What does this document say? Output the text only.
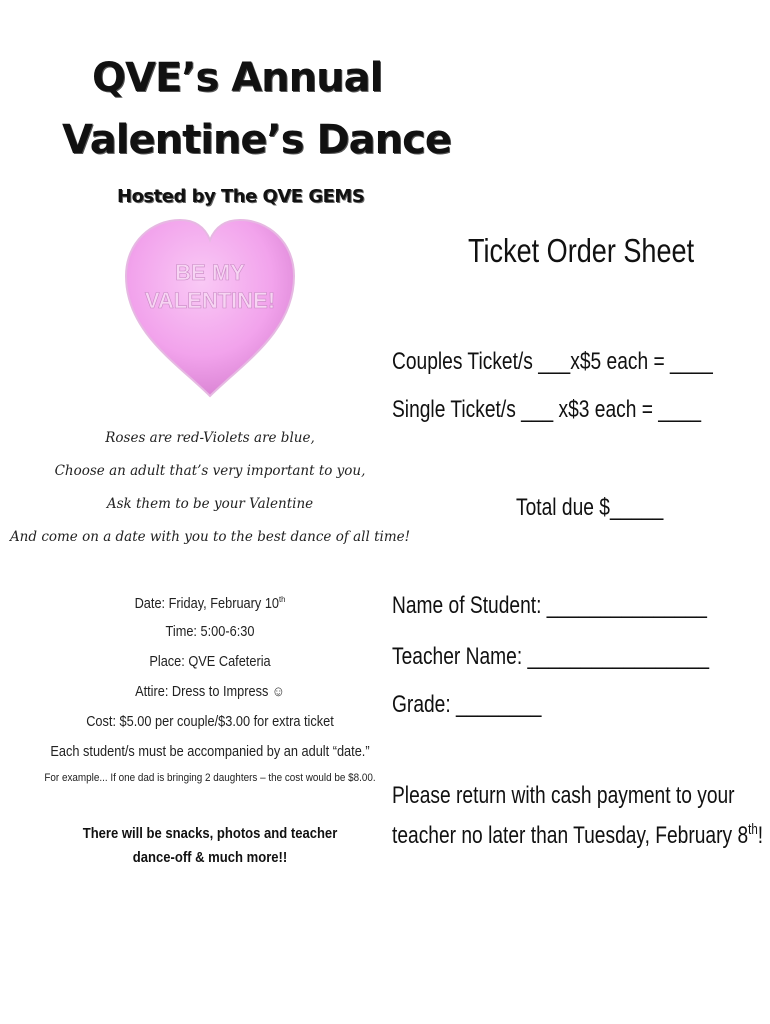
QVE’s Annual
Valentine’s Dance
Hosted by The QVE GEMS
BE MY
VALENTINE!
Roses are red-Violets are blue,
Choose an adult that’s very important to you,
Ask them to be your Valentine
And come on a date with you to the best dance of all time!
Date: Friday, February 10th
Time: 5:00-6:30
Place: QVE Cafeteria
Attire: Dress to Impress ☺
Cost: $5.00 per couple/$3.00 for extra ticket
Each student/s must be accompanied by an adult “date.”
For example... If one dad is bringing 2 daughters – the cost would be $8.00.
There will be snacks, photos and teacher dance-off & much more!!
Ticket Order Sheet
Couples Ticket/s ___x$5 each = ____
Single Ticket/s ___ x$3 each = ____
Total due $_____
Name of Student: _______________
Teacher Name: _________________
Grade: ________
Please return with cash payment to your
teacher no later than Tuesday, February 8th!
